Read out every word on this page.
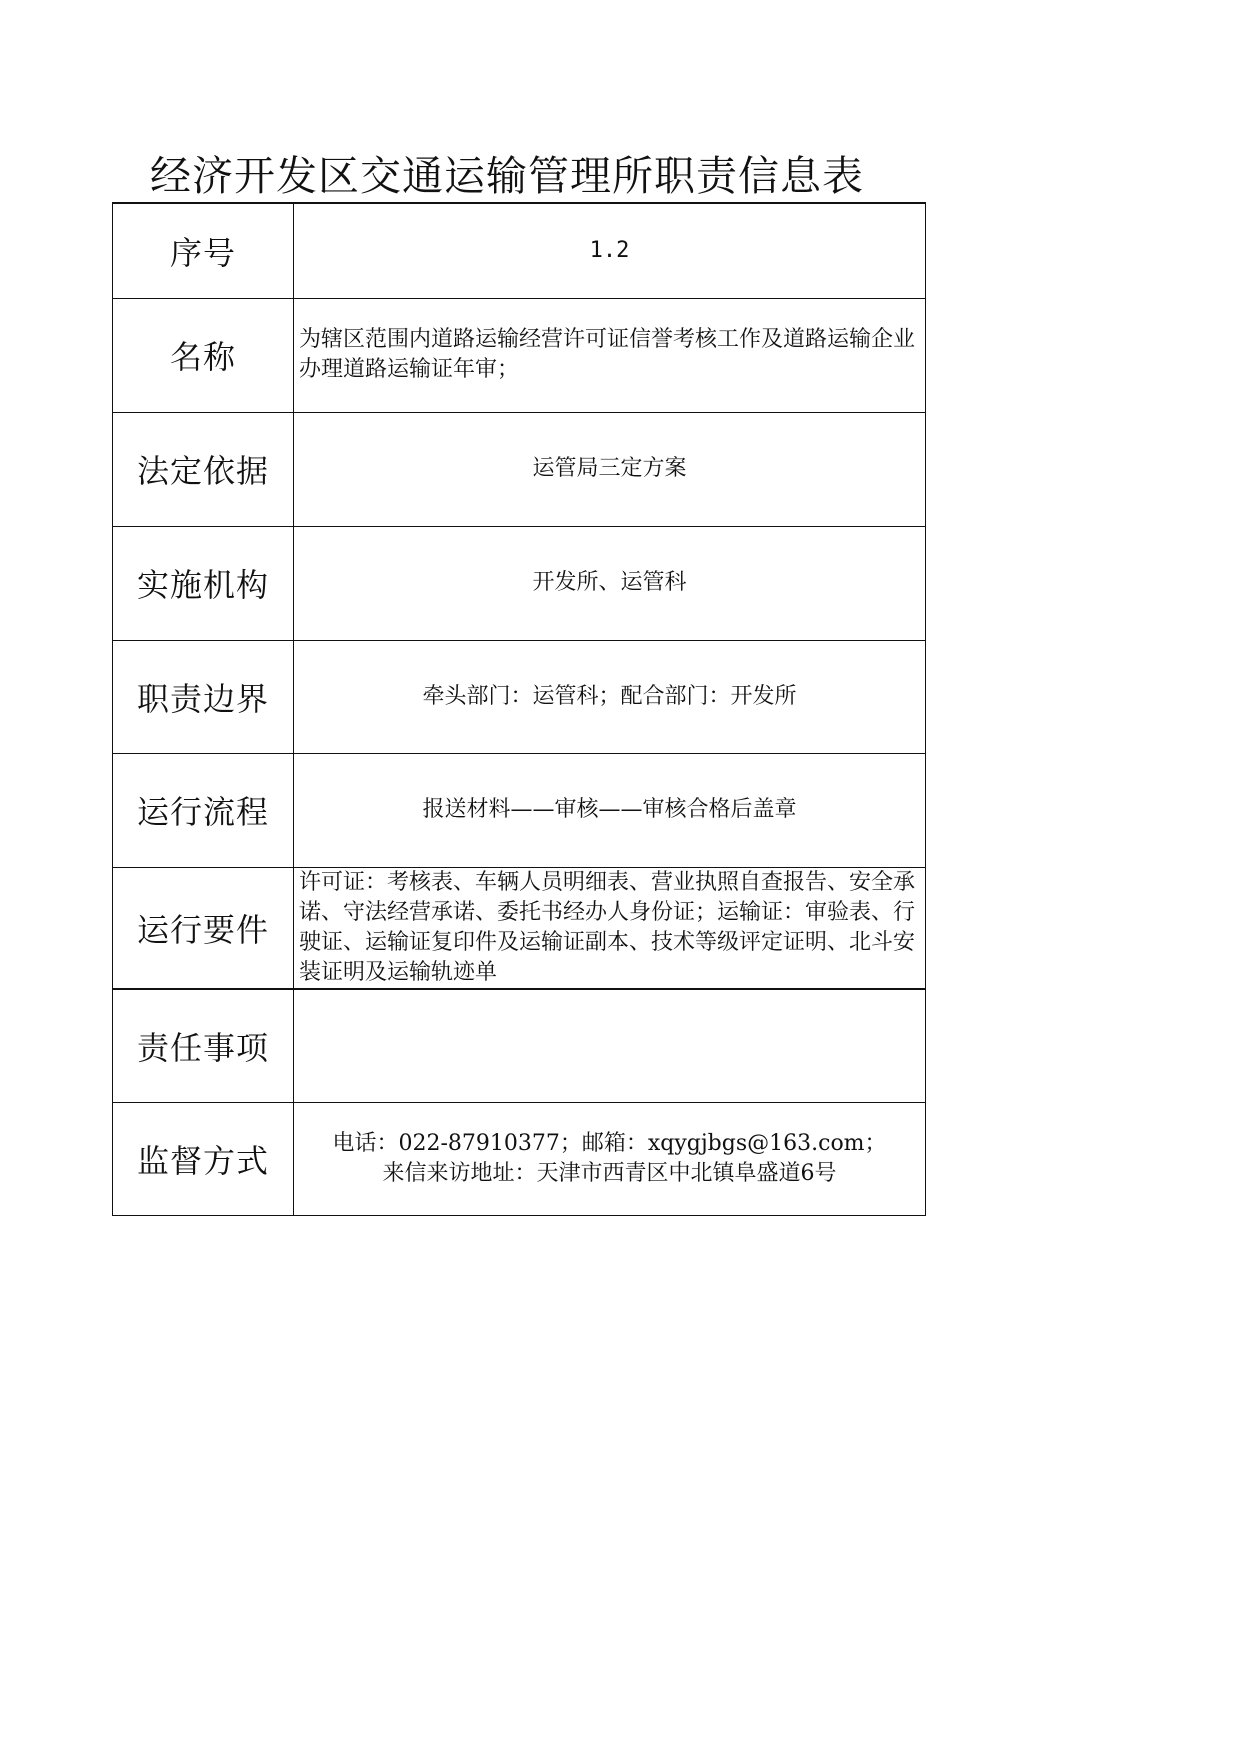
经济开发区交通运输管理所职责信息表
序号	1.2
名称	为辖区范围内道路运输经营许可证信誉考核工作及道路运输企业办理道路运输证年审；
法定依据	运管局三定方案
实施机构	开发所、运管科
职责边界	牵头部门：运管科；配合部门：开发所
运行流程	报送材料——审核——审核合格后盖章
运行要件	许可证：考核表、车辆人员明细表、营业执照自查报告、安全承诺、守法经营承诺、委托书经办人身份证；运输证：审验表、行驶证、运输证复印件及运输证副本、技术等级评定证明、北斗安装证明及运输轨迹单
责任事项	
监督方式	电话：022-87910377；邮箱：xqygjbgs@163.com；
来信来访地址：天津市西青区中北镇阜盛道6号
